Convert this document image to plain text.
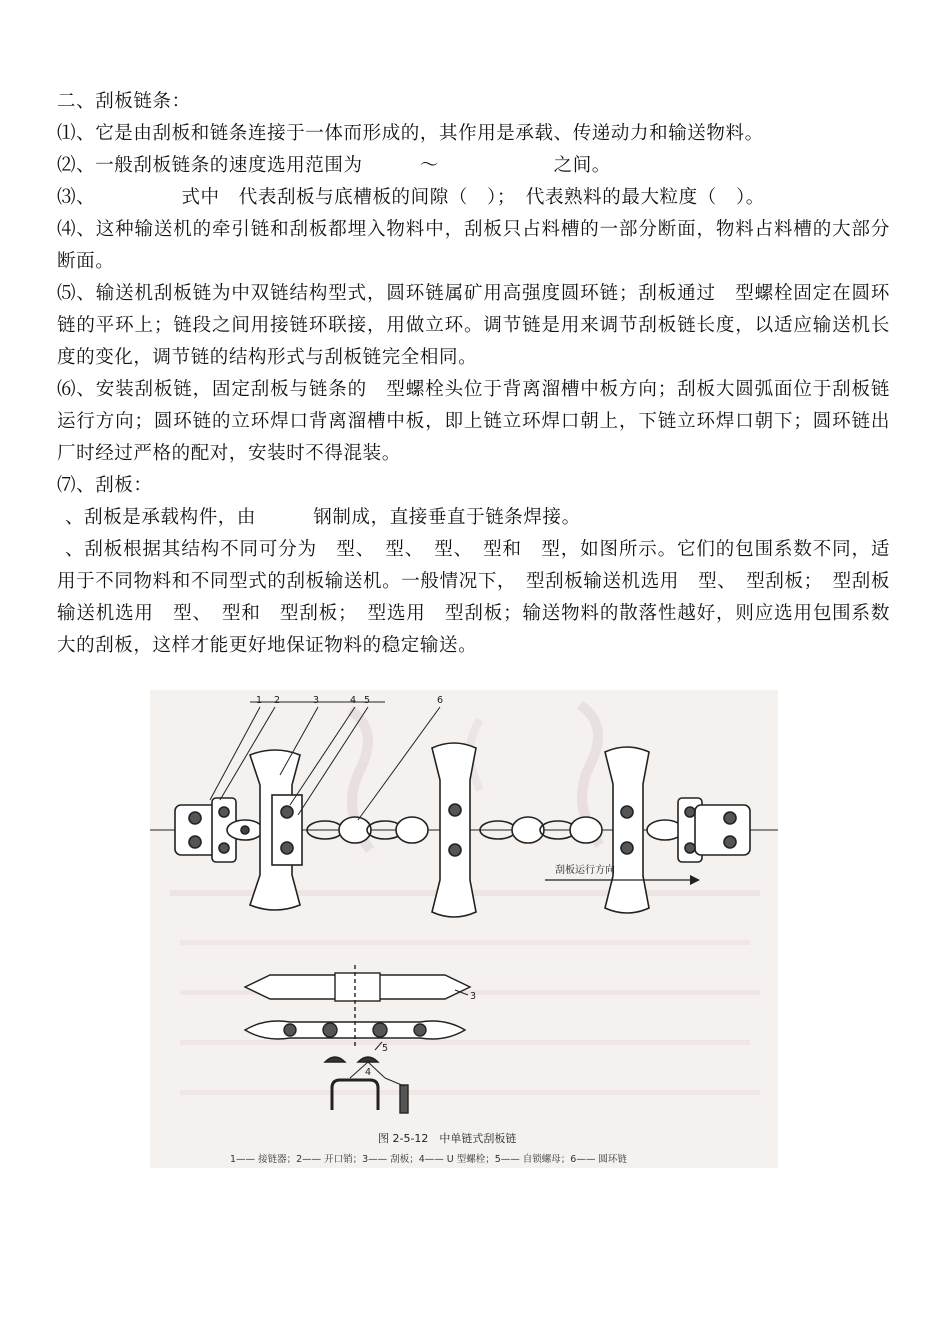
二、刮板链条：
⑴、它是由刮板和链条连接于一体而形成的，其作用是承载、传递动力和输送物料。
⑵、一般刮板链条的速度选用范围为　　　～　　　　　　之间。
⑶、　　　　　式中　代表刮板与底槽板的间隙（　）；　代表熟料的最大粒度（　）。
⑷、这种输送机的牵引链和刮板都埋入物料中，刮板只占料槽的一部分断面，物料占料槽的大部分断面。
⑸、输送机刮板链为中双链结构型式，圆环链属矿用高强度圆环链；刮板通过　型螺栓固定在圆环链的平环上；链段之间用接链环联接，用做立环。调节链是用来调节刮板链长度，以适应输送机长度的变化，调节链的结构形式与刮板链完全相同。
⑹、安装刮板链，固定刮板与链条的　型螺栓头位于背离溜槽中板方向；刮板大圆弧面位于刮板链运行方向；圆环链的立环焊口背离溜槽中板，即上链立环焊口朝上，下链立环焊口朝下；圆环链出厂时经过严格的配对，安装时不得混装。
⑺、刮板：
、刮板是承载构件，由　　　钢制成，直接垂直于链条焊接。
、刮板根据其结构不同可分为　型、　型、　型、　型和　型，如图所示。它们的包围系数不同，适用于不同物料和不同型式的刮板输送机。一般情况下，　型刮板输送机选用　型、　型刮板；　型刮板输送机选用　型、　型和　型刮板；　型选用　型刮板；输送物料的散落性越好，则应选用包围系数大的刮板，这样才能更好地保证物料的稳定输送。
1 2	3	4 5	6
刮板运行方向
3
5
4
图 2-5-12　中单链式刮板链
1—— 接链器；2—— 开口销；3—— 刮板；4—— U 型螺栓；5—— 自锁螺母；6—— 圆环链
